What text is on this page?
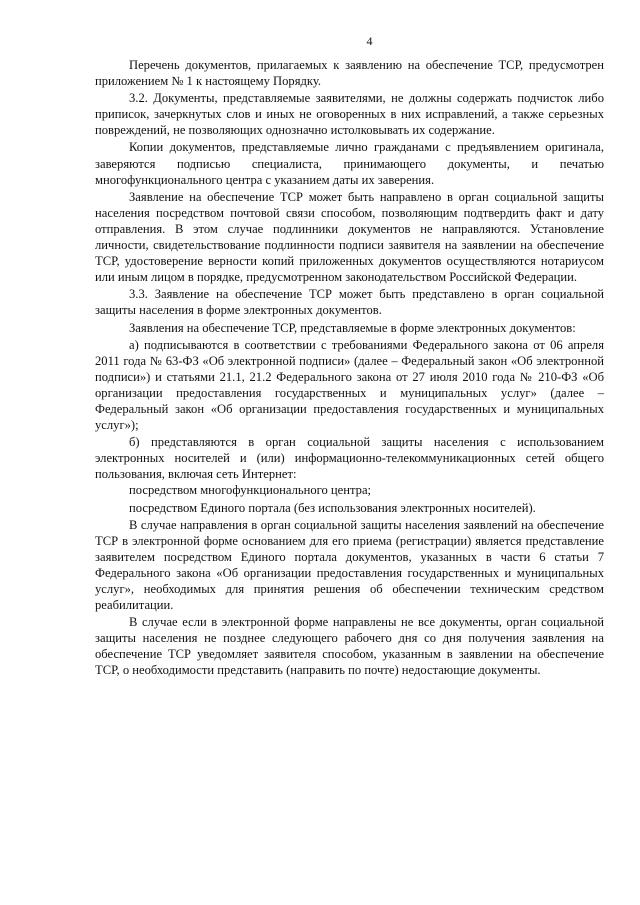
4

Перечень документов, прилагаемых к заявлению на обеспечение ТСР, предусмотрен приложением № 1 к настоящему Порядку.

3.2. Документы, представляемые заявителями, не должны содержать подчисток либо приписок, зачеркнутых слов и иных не оговоренных в них исправлений, а также серьезных повреждений, не позволяющих однозначно истолковывать их содержание.

Копии документов, представляемые лично гражданами с предъявлением оригинала, заверяются подписью специалиста, принимающего документы, и печатью многофункционального центра с указанием даты их заверения.

Заявление на обеспечение ТСР может быть направлено в орган социальной защиты населения посредством почтовой связи способом, позволяющим подтвердить факт и дату отправления. В этом случае подлинники документов не направляются. Установление личности, свидетельствование подлинности подписи заявителя на заявлении на обеспечение ТСР, удостоверение верности копий приложенных документов осуществляются нотариусом или иным лицом в порядке, предусмотренном законодательством Российской Федерации.

3.3. Заявление на обеспечение ТСР может быть представлено в орган социальной защиты населения в форме электронных документов.

Заявления на обеспечение ТСР, представляемые в форме электронных документов:

а) подписываются в соответствии с требованиями Федерального закона от 06 апреля 2011 года № 63-ФЗ «Об электронной подписи» (далее – Федеральный закон «Об электронной подписи») и статьями 21.1, 21.2 Федерального закона от 27 июля 2010 года № 210-ФЗ «Об организации предоставления государственных и муниципальных услуг» (далее – Федеральный закон «Об организации предоставления государственных и муниципальных услуг»);

б) представляются в орган социальной защиты населения с использованием электронных носителей и (или) информационно-телекоммуникационных сетей общего пользования, включая сеть Интернет:

посредством многофункционального центра;

посредством Единого портала (без использования электронных носителей).

В случае направления в орган социальной защиты населения заявлений на обеспечение ТСР в электронной форме основанием для его приема (регистрации) является представление заявителем посредством Единого портала документов, указанных в части 6 статьи 7 Федерального закона «Об организации предоставления государственных и муниципальных услуг», необходимых для принятия решения об обеспечении техническим средством реабилитации.

В случае если в электронной форме направлены не все документы, орган социальной защиты населения не позднее следующего рабочего дня со дня получения заявления на обеспечение ТСР уведомляет заявителя способом, указанным в заявлении на обеспечение ТСР, о необходимости представить (направить по почте) недостающие документы.
